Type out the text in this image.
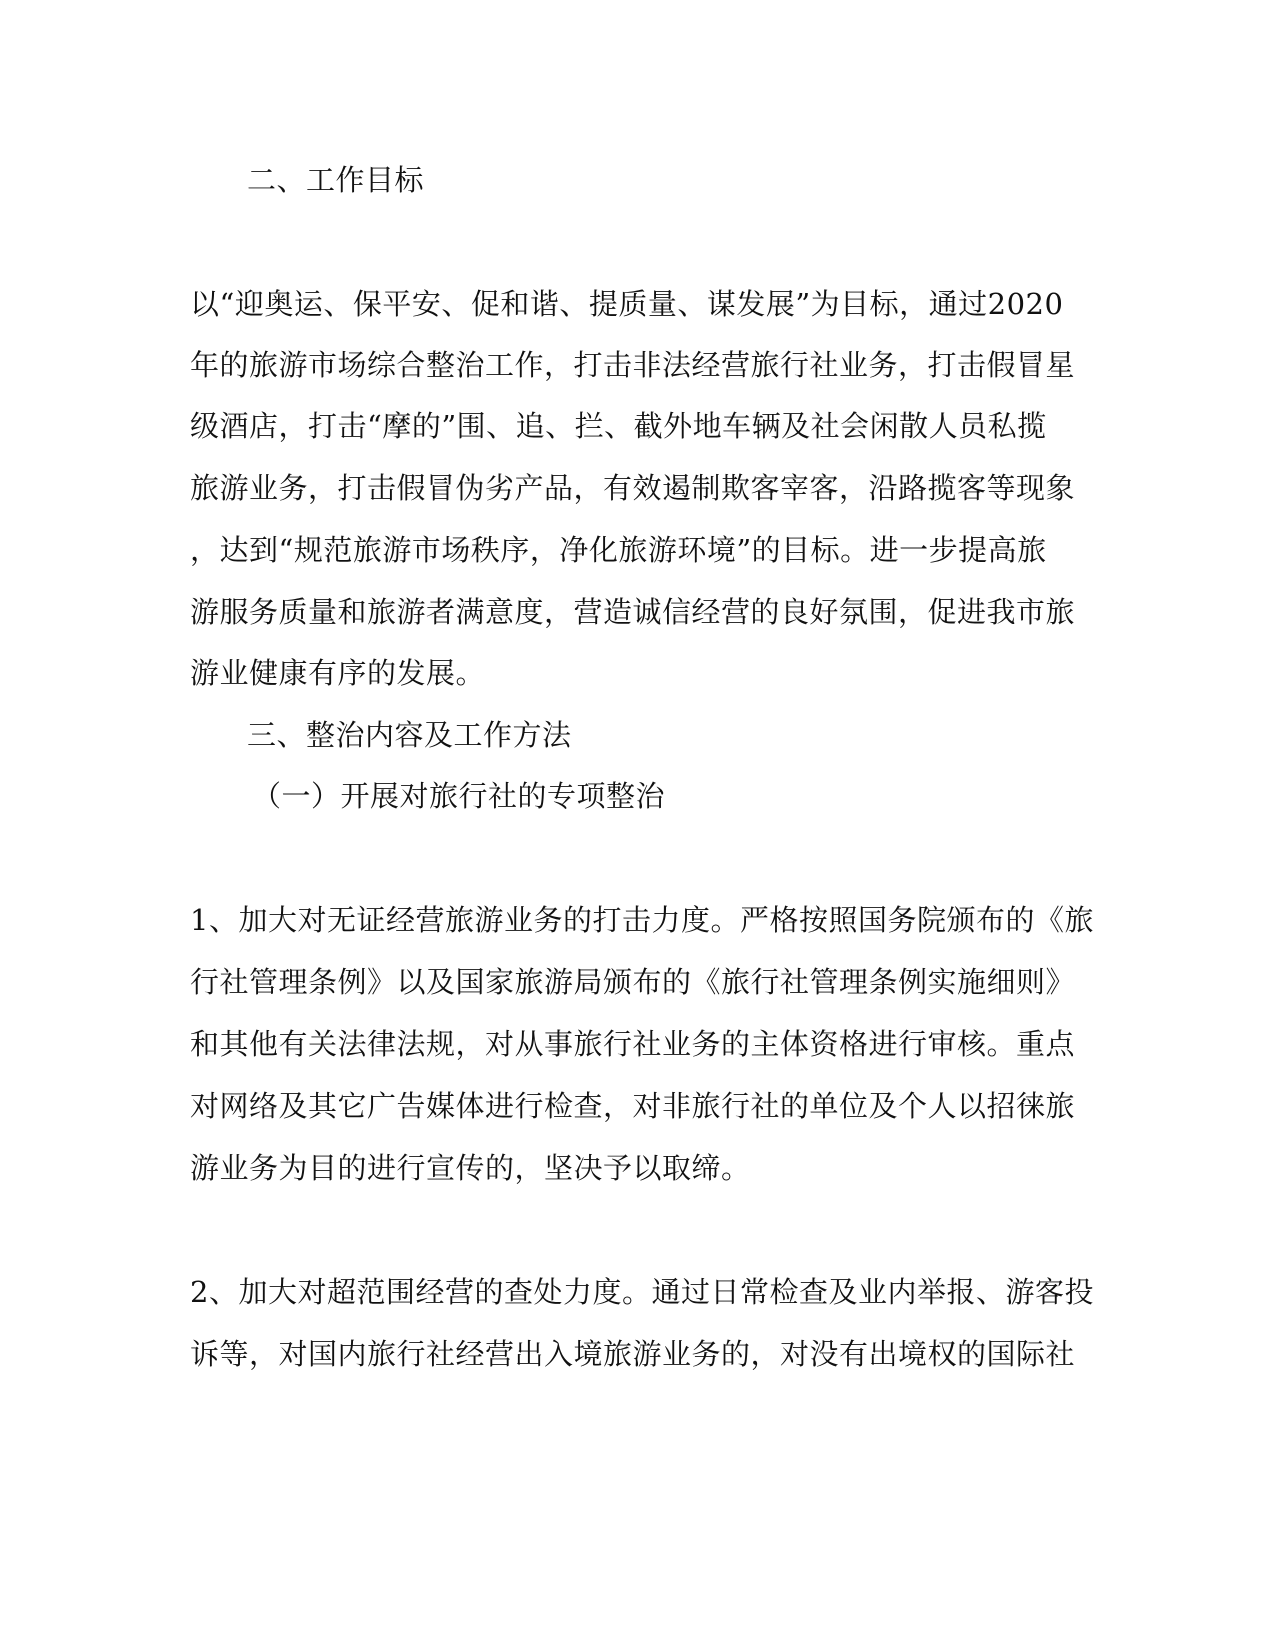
二、工作目标
以“迎奥运、保平安、促和谐、提质量、谋发展”为目标，通过2020
年的旅游市场综合整治工作，打击非法经营旅行社业务，打击假冒星
级酒店，打击“摩的”围、追、拦、截外地车辆及社会闲散人员私揽
旅游业务，打击假冒伪劣产品，有效遏制欺客宰客，沿路揽客等现象
，达到“规范旅游市场秩序，净化旅游环境”的目标。进一步提高旅
游服务质量和旅游者满意度，营造诚信经营的良好氛围，促进我市旅
游业健康有序的发展。
三、整治内容及工作方法
（一）开展对旅行社的专项整治
1、加大对无证经营旅游业务的打击力度。严格按照国务院颁布的《旅
行社管理条例》以及国家旅游局颁布的《旅行社管理条例实施细则》
和其他有关法律法规，对从事旅行社业务的主体资格进行审核。重点
对网络及其它广告媒体进行检查，对非旅行社的单位及个人以招徕旅
游业务为目的进行宣传的，坚决予以取缔。
2、加大对超范围经营的查处力度。通过日常检查及业内举报、游客投
诉等，对国内旅行社经营出入境旅游业务的，对没有出境权的国际社
